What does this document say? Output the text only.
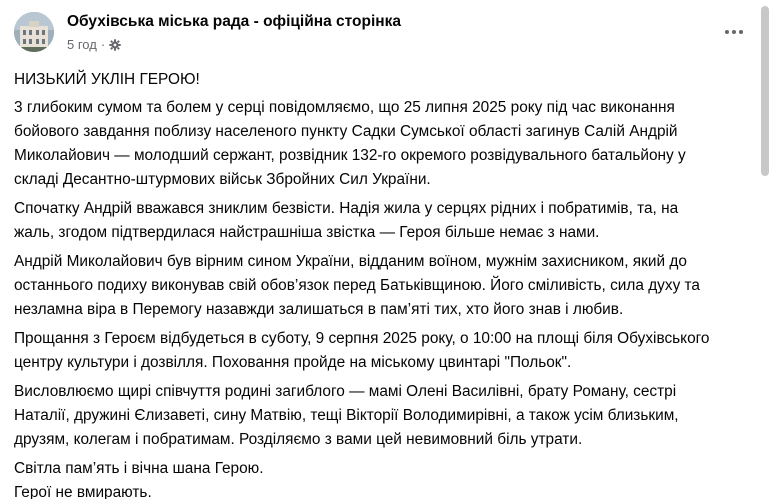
Обухівська міська рада - офіційна сторінка
5 год ·

НИЗЬКИЙ УКЛІН ГЕРОЮ!

3 глибоким сумом та болем у серці повідомляємо, що 25 липня 2025 року під час виконання
бойового завдання поблизу населеного пункту Садки Сумської області загинув Салій Андрій
Миколайович — молодший сержант, розвідник 132-го окремого розвідувального батальйону у
складі Десантно-штурмових військ Збройних Сил України.

Спочатку Андрій вважався зниклим безвісти. Надія жила у серцях рідних і побратимів, та, на
жаль, згодом підтвердилася найстрашніша звістка — Героя більше немає з нами.

Андрій Миколайович був вірним сином України, відданим воїном, мужнім захисником, який до
останнього подиху виконував свій обов’язок перед Батьківщиною. Його сміливість, сила духу та
незламна віра в Перемогу назавжди залишаться в пам’яті тих, хто його знав і любив.

Прощання з Героєм відбудеться в суботу, 9 серпня 2025 року, о 10:00 на площі біля Обухівського
центру культури і дозвілля. Поховання пройде на міському цвинтарі "Польок".

Висловлюємо щирі співчуття родині загиблого — мамі Олені Василівні, брату Роману, сестрі
Наталії, дружині Єлизаветі, сину Матвію, тещі Вікторії Володимирівні, а також усім близьким,
друзям, колегам і побратимам. Розділяємо з вами цей невимовний біль утрати.

Світла пам’ять і вічна шана Герою.
Герої не вмирають.
